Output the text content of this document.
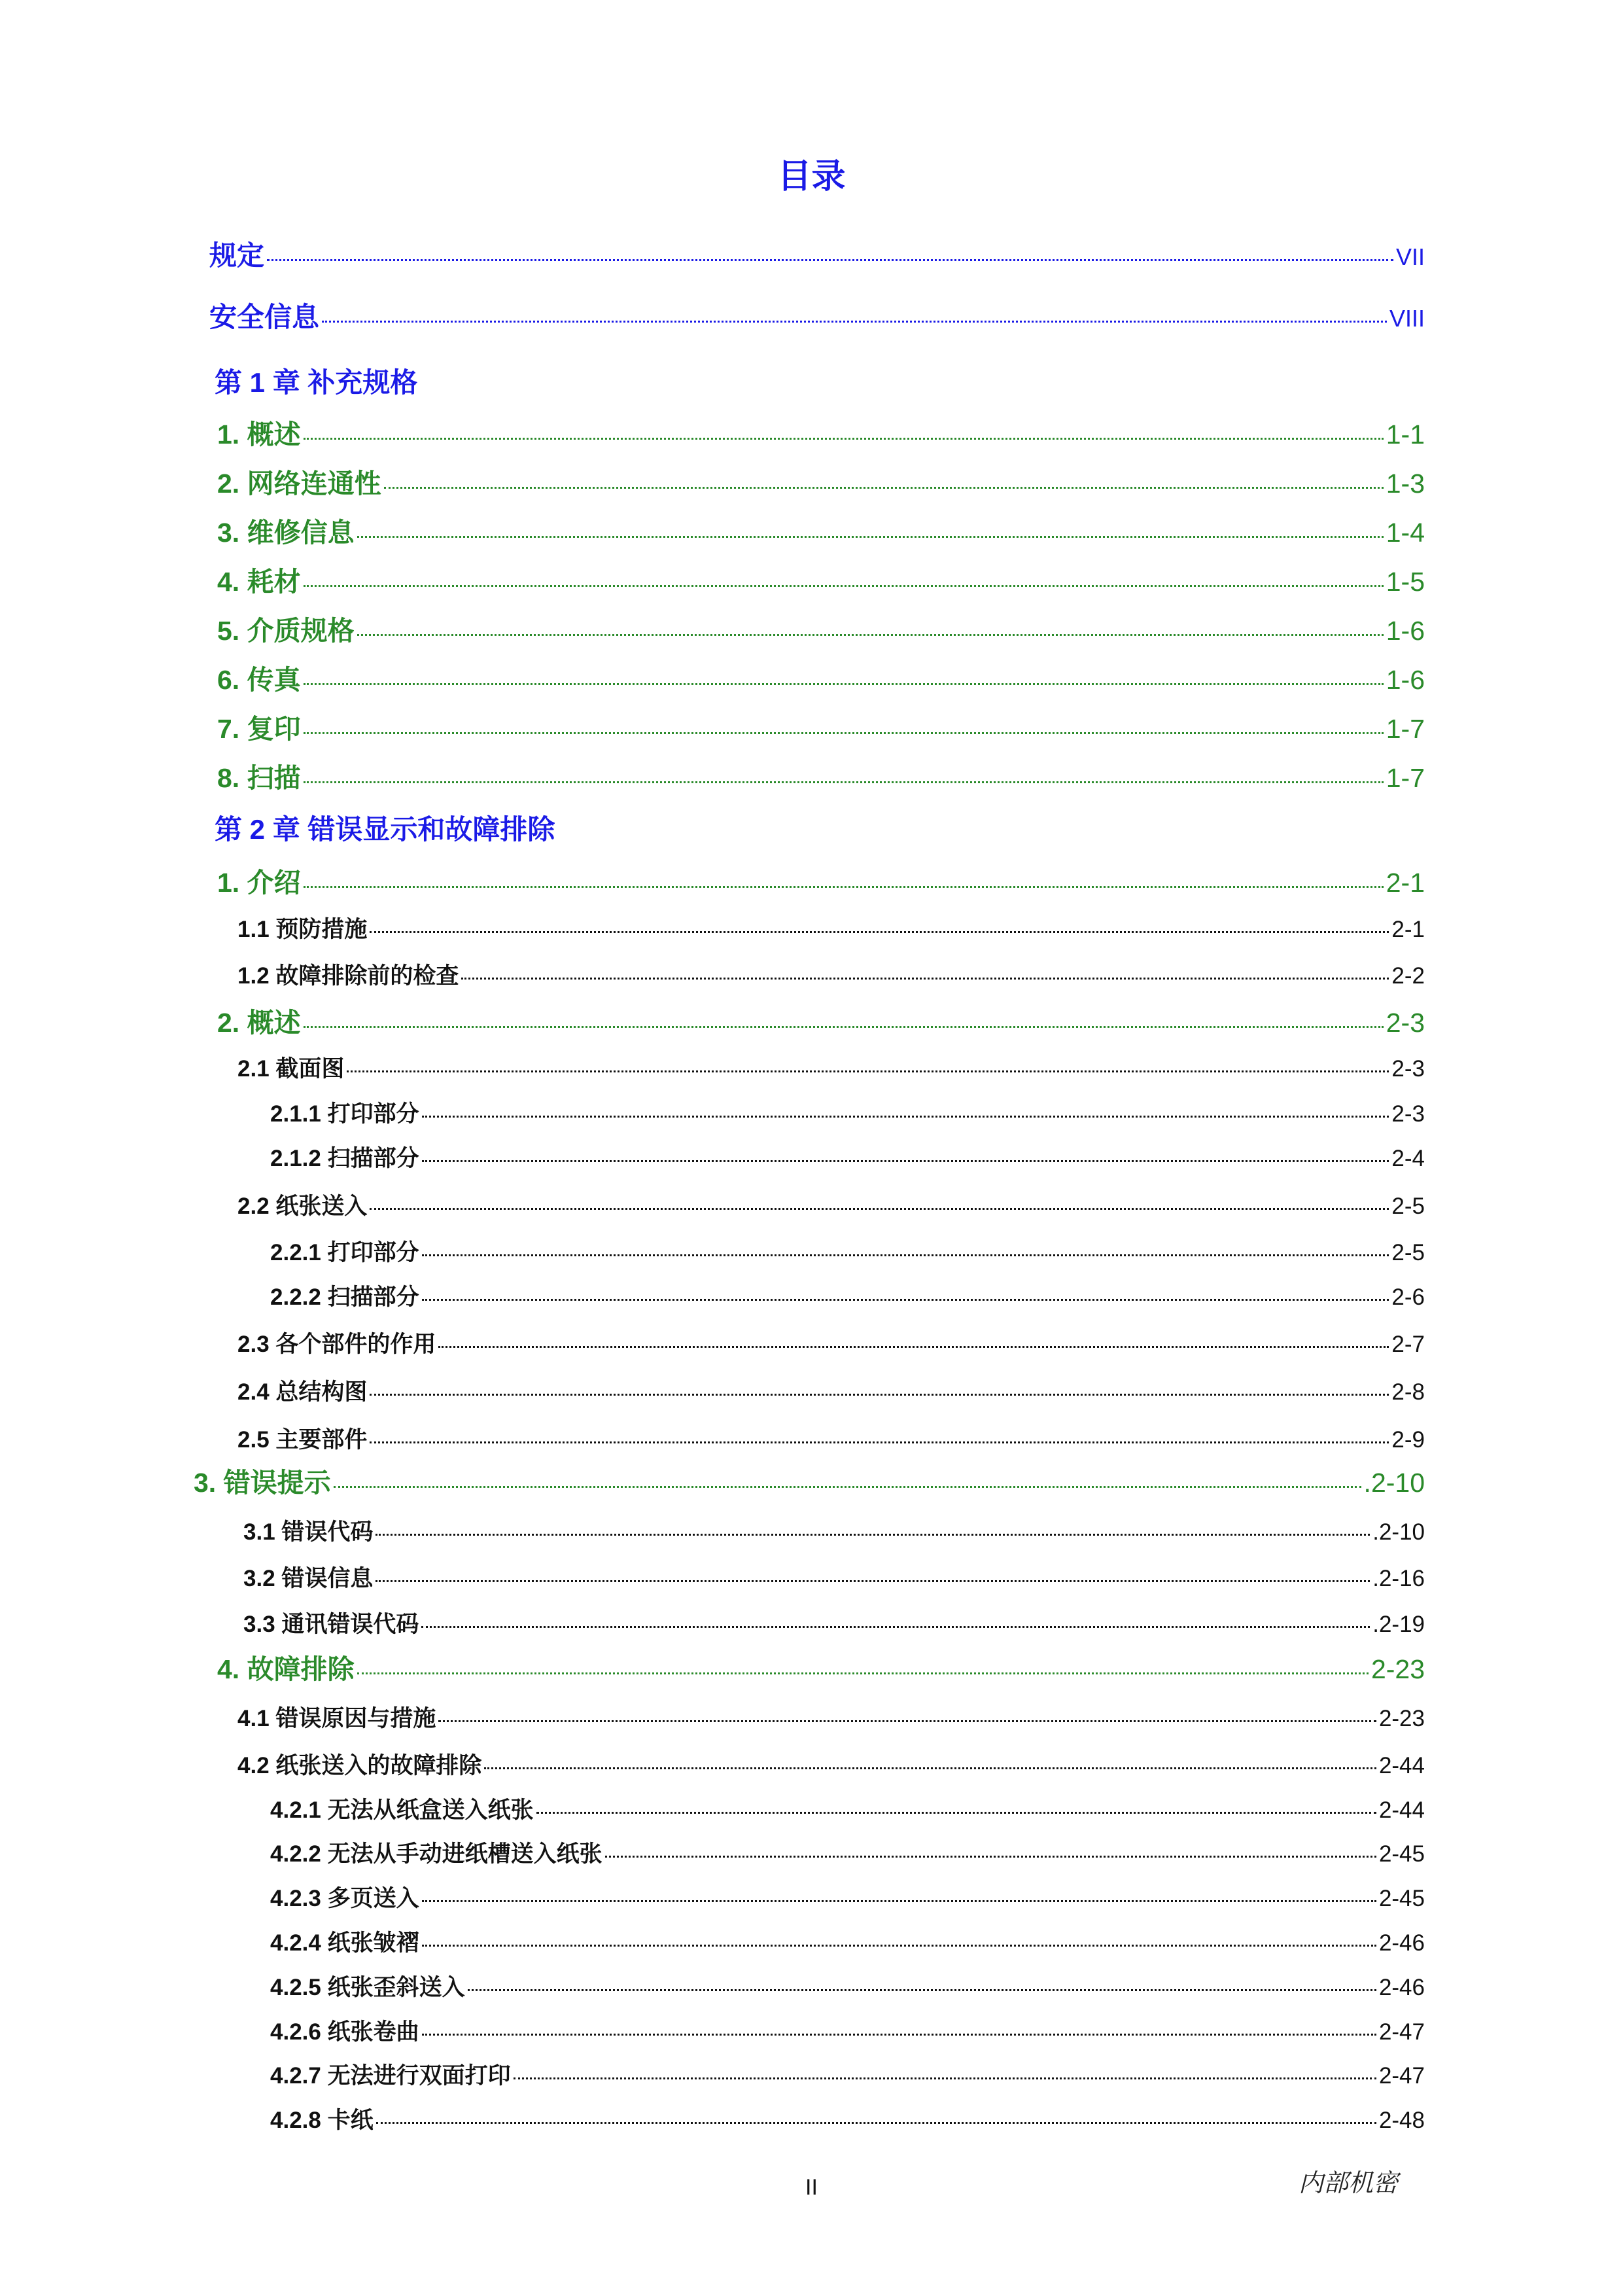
目录
规定	VII
安全信息	VIII
第 1 章 补充规格
1. 概述	1-1
2. 网络连通性	1-3
3. 维修信息	1-4
4. 耗材	1-5
5. 介质规格	1-6
6. 传真	1-6
7. 复印	1-7
8. 扫描	1-7
第 2 章 错误显示和故障排除
1. 介绍	2-1
1.1 预防措施	2-1
1.2 故障排除前的检查	2-2
2. 概述	2-3
2.1 截面图	2-3
2.1.1 打印部分	2-3
2.1.2 扫描部分	2-4
2.2 纸张送入	2-5
2.2.1 打印部分	2-5
2.2.2 扫描部分	2-6
2.3 各个部件的作用	2-7
2.4 总结构图	2-8
2.5 主要部件	2-9
3. 错误提示	.2-10
3.1 错误代码	.2-10
3.2 错误信息	.2-16
3.3 通讯错误代码	.2-19
4. 故障排除	2-23
4.1 错误原因与措施	2-23
4.2 纸张送入的故障排除	2-44
4.2.1 无法从纸盒送入纸张	2-44
4.2.2 无法从手动进纸槽送入纸张	2-45
4.2.3 多页送入	2-45
4.2.4 纸张皱褶	2-46
4.2.5 纸张歪斜送入	2-46
4.2.6 纸张卷曲	2-47
4.2.7 无法进行双面打印	2-47
4.2.8 卡纸	2-48
II	内部机密
